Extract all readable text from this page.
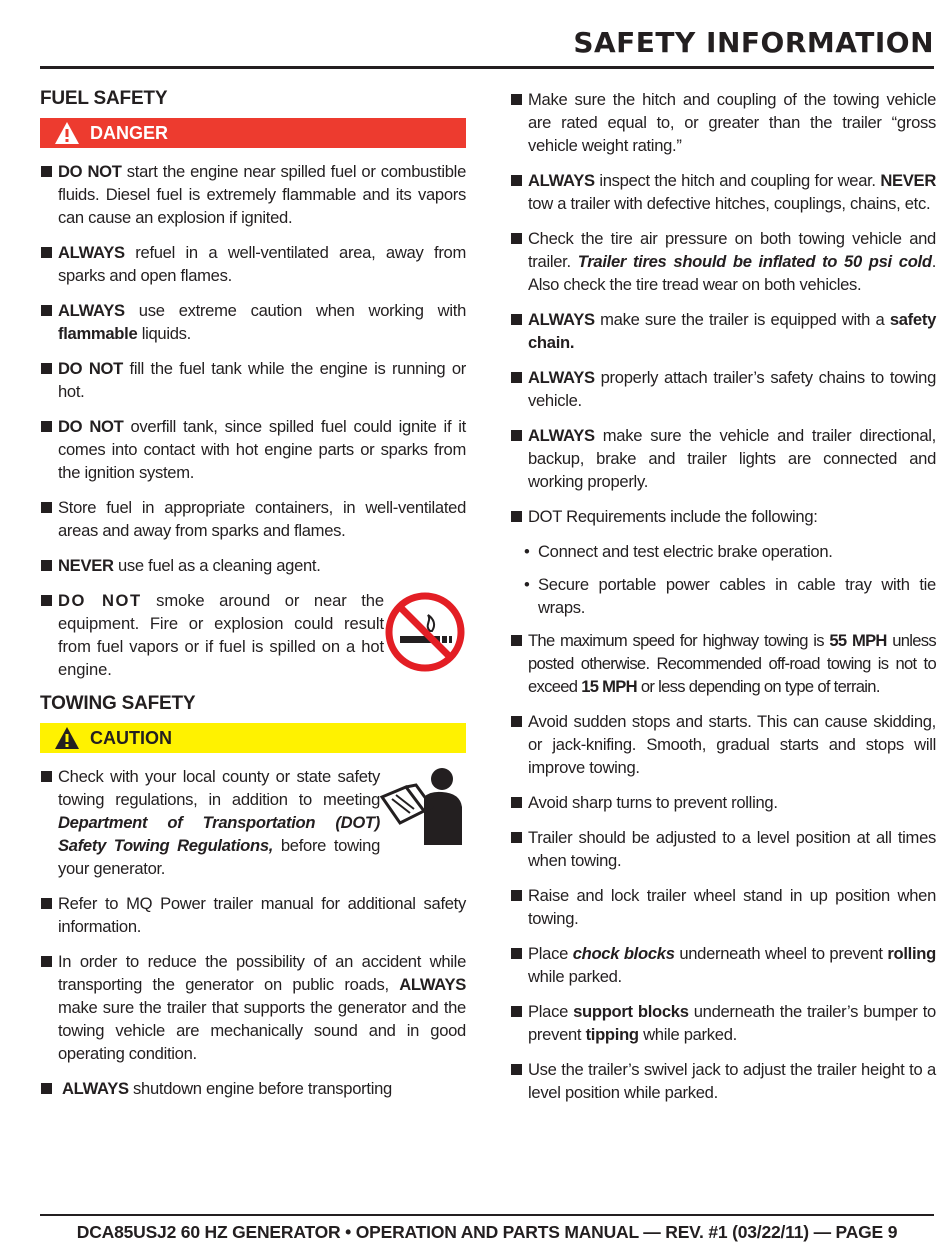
SAFETY INFORMATION
FUEL SAFETY
DANGER
DO NOT start the engine near spilled fuel or combustible fluids. Diesel fuel is extremely flammable and its vapors can cause an explosion if ignited.
ALWAYS refuel in a well-ventilated area, away from sparks and open flames.
ALWAYS use extreme caution when working with flammable liquids.
DO NOT fill the fuel tank while the engine is running or hot.
DO NOT overfill tank, since spilled fuel could ignite if it comes into contact with hot engine parts or sparks from the ignition system.
Store fuel in appropriate containers, in well-ventilated areas and away from sparks and flames.
NEVER use fuel as a cleaning agent.
DO NOT smoke around or near the equipment. Fire or explosion could result from fuel vapors or if fuel is spilled on a hot engine.
TOWING SAFETY
CAUTION
Check with your local county or state safety towing regulations, in addition to meeting Department of Transportation (DOT) Safety Towing Regulations, before towing your generator.
Refer to MQ Power trailer manual for additional safety information.
In order to reduce the possibility of an accident while transporting the generator on public roads, ALWAYS make sure the trailer that supports the generator and the towing vehicle are mechanically sound and in good operating condition.
ALWAYS shutdown engine before transporting
Make sure the hitch and coupling of the towing vehicle are rated equal to, or greater than the trailer “gross vehicle weight rating.”
ALWAYS inspect the hitch and coupling for wear. NEVER tow a trailer with defective hitches, couplings, chains, etc.
Check the tire air pressure on both towing vehicle and trailer. Trailer tires should be inflated to 50 psi cold. Also check the tire tread wear on both vehicles.
ALWAYS make sure the trailer is equipped with a safety chain.
ALWAYS properly attach trailer’s safety chains to towing vehicle.
ALWAYS make sure the vehicle and trailer directional, backup, brake and trailer lights are connected and working properly.
DOT Requirements include the following:
• Connect and test electric brake operation.
• Secure portable power cables in cable tray with tie wraps.
The maximum speed for highway towing is 55 MPH unless posted otherwise. Recommended off-road towing is not to exceed 15 MPH or less depending on type of terrain.
Avoid sudden stops and starts. This can cause skidding, or jack-knifing. Smooth, gradual starts and stops will improve towing.
Avoid sharp turns to prevent rolling.
Trailer should be adjusted to a level position at all times when towing.
Raise and lock trailer wheel stand in up position when towing.
Place chock blocks underneath wheel to prevent rolling while parked.
Place support blocks underneath the trailer’s bumper to prevent tipping while parked.
Use the trailer’s swivel jack to adjust the trailer height to a level position while parked.
DCA85USJ2 60 HZ GENERATOR • OPERATION AND PARTS MANUAL — REV. #1 (03/22/11) — PAGE 9
